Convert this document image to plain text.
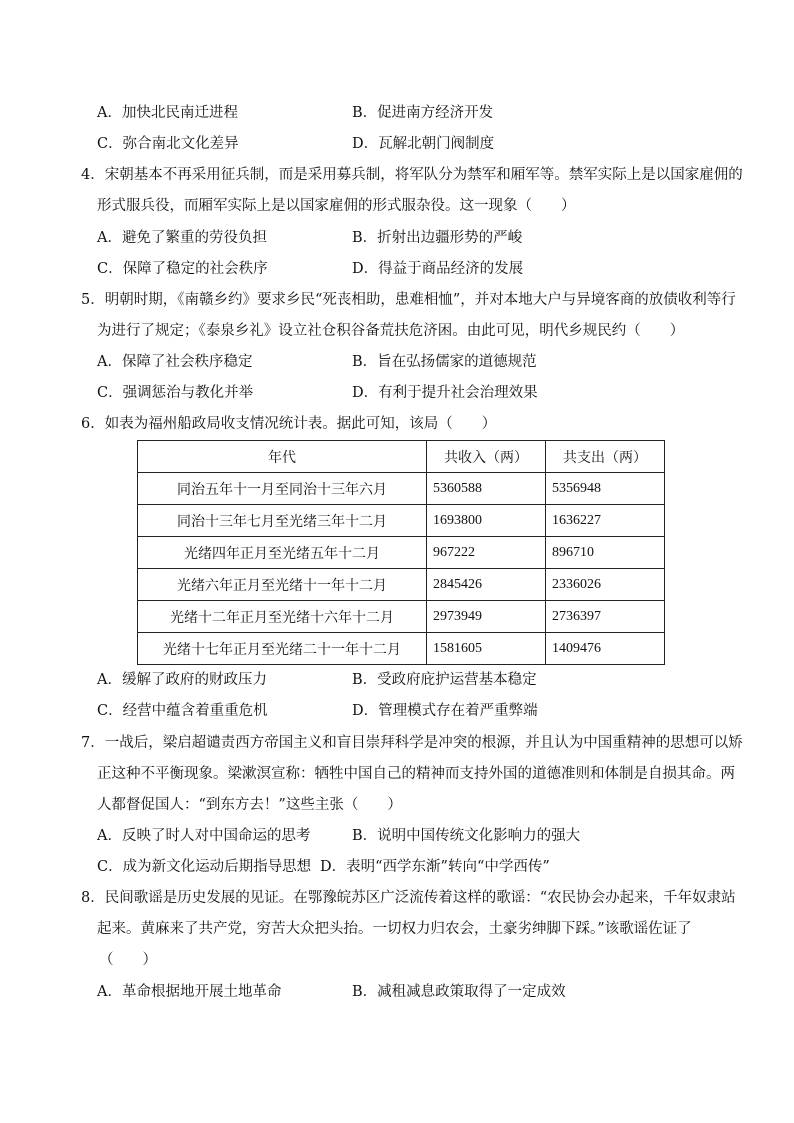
A．加快北民南迁进程	B．促进南方经济开发
C．弥合南北文化差异	D．瓦解北朝门阀制度
4．宋朝基本不再采用征兵制，而是采用募兵制，将军队分为禁军和厢军等。禁军实际上是以国家雇佣的
形式服兵役，而厢军实际上是以国家雇佣的形式服杂役。这一现象（　　）
A．避免了繁重的劳役负担	B．折射出边疆形势的严峻
C．保障了稳定的社会秩序	D．得益于商品经济的发展
5．明朝时期，《南赣乡约》要求乡民“死丧相助，患难相恤”，并对本地大户与异境客商的放债收利等行
为进行了规定；《泰泉乡礼》设立社仓积谷备荒扶危济困。由此可见，明代乡规民约（　　）
A．保障了社会秩序稳定	B．旨在弘扬儒家的道德规范
C．强调惩治与教化并举	D．有利于提升社会治理效果
6．如表为福州船政局收支情况统计表。据此可知，该局（　　）
年代	共收入（两）	共支出（两）
同治五年十一月至同治十三年六月	5360588	5356948
同治十三年七月至光绪三年十二月	1693800	1636227
光绪四年正月至光绪五年十二月	967222	896710
光绪六年正月至光绪十一年十二月	2845426	2336026
光绪十二年正月至光绪十六年十二月	2973949	2736397
光绪十七年正月至光绪二十一年十二月	1581605	1409476
A．缓解了政府的财政压力	B．受政府庇护运营基本稳定
C．经营中蕴含着重重危机	D．管理模式存在着严重弊端
7．一战后，梁启超谴责西方帝国主义和盲目崇拜科学是冲突的根源，并且认为中国重精神的思想可以矫
正这种不平衡现象。梁漱溟宣称：牺牲中国自己的精神而支持外国的道德准则和体制是自损其命。两
人都督促国人：“到东方去！”这些主张（　　）
A．反映了时人对中国命运的思考	B．说明中国传统文化影响力的强大
C．成为新文化运动后期指导思想 D．表明“西学东渐”转向“中学西传”
8．民间歌谣是历史发展的见证。在鄂豫皖苏区广泛流传着这样的歌谣：“农民协会办起来，千年奴隶站
起来。黄麻来了共产党，穷苦大众把头抬。一切权力归农会，土豪劣绅脚下踩。”该歌谣佐证了
（　　）
A．革命根据地开展土地革命	B．减租减息政策取得了一定成效
